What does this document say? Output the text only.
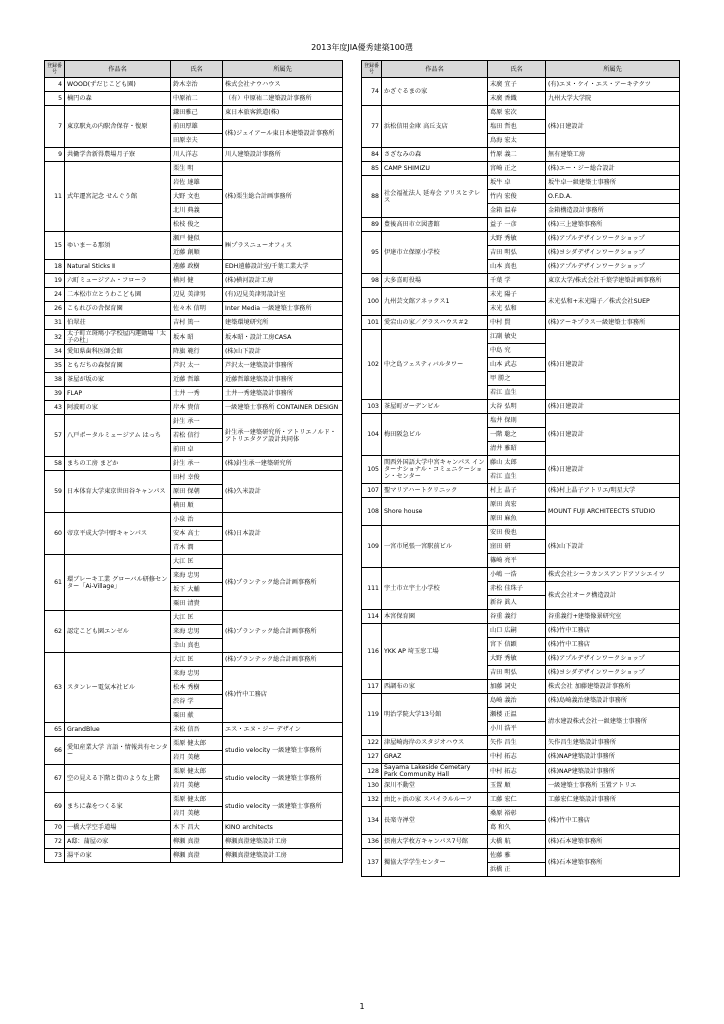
2013年度JIA優秀建築100選
登録番号	作品名	氏名	所属先
4	WOOD(ずだじこども園)	鈴木幸治	株式会社ナウハウス
5	楠円の森	中原祐二	（有）中原祐二建築設計事務所
7	東京駅丸の内駅舎保存・復原	鎌田雅己	東日本旅客鉄道(株)
		前田厚雄	(株)ジェイアール東日本建築設計事務所
		田原幸夫	
9	共働学舎新得農場月子寮	川人洋志	川人建築設計事務所
11	式年遷宮記念 せんぐう館	栗生 明	(株)栗生総合計画事務所
		岩佐 達雄	
		大野 文也	
		北川 典義	
		松枝 俊之	
15	ゆいま～る那須	瀬戸 健似	㈱プラスニューオフィス
		近藤 創順	
18	Natural Sticks Ⅱ	遠藤 政樹	EDH遠藤設計室/千葉工業大学
19	六町ミュージアム・フローラ	横河 健	(株)横河設計工房
24	二本松市立とうわこども園	辺見 美津男	(有)辺見美津男設計室
26	こもれびの舎保育園	佐々木 信明	Inter Media 一級建築士事務所
31	伯翠荘	吉村 篤一	建築環境研究所
32	太子町立斑鳩小学校屋内運動場「太子の杜」	坂本 昭	坂本昭・設計工房CASA
34	愛知県歯科医師会館	降旗 範行	(株)山下設計
35	ともだちの森保育園	芦沢 太一	芦沢太一建築設計事務所
38	茶屋が坂の家	近藤 哲雄	近藤哲雄建築設計事務所
39	FLAP	土井 一秀	土井一秀建築設計事務所
43	阿波町の家	岸本 貴信	一級建築士事務所 CONTAINER DESIGN
57	八戸ポータルミュージアム はっち	針生 承一	針生承一建築研究所・アトリエノルド・アトリエタクア設計共同体
		若松 信行	
		前田 卓	
58	まちの工房 まどか	針生 承一	(株)針生承一建築研究所
59	日本体育大学東京世田谷キャンパス	田村 幸俊	(株)久米設計
		原田 保朝	
		横田 順	
60	帝京平成大学中野キャンパス	小泉 治	(株)日本設計
		安本 高士	
		青木 潤	
61	環ブレーキ工業 グローバル研修センター「Ai-Village」	大江 匡	(株)プランテック総合計画事務所
		来海 忠男	
		坂下 大輔	
		粟田 清貴	
62	認定こども園エンゼル	大江 匡	(株)プランテック総合計画事務所
		来海 忠男	
		幸山 真也	
63	スタンレー電気本社ビル	大江 匡	(株)プランテック総合計画事務所
		来海 忠男	(株)竹中工務店
		松本 秀樹	
		渋谷 学	
		粟田 献	
65	GrandBlue	末松 信吾	エス・エヌ・ジー デザイン
66	愛知産業大学 言語・情報共有センター	栗原 健太郎	studio velocity 一級建築士事務所
		岩月 美穂	
67	空の見える下階と街のような上階	栗原 健太郎	studio velocity 一級建築士事務所
		岩月 美穂	
69	まちに森をつくる家	栗原 健太郎	studio velocity 一級建築士事務所
		岩月 美穂	
70	一橋大学空手道場	木下 昌大	KINO architects
72	A邸：蒲屋の家	柳瀬 真澄	柳瀬真澄建築設計工房
73	湯平の家	柳瀬 真澄	柳瀬真澄建築設計工房
登録番号	作品名	氏名	所属先
74	かざぐるまの家	末廣 宜子	(有)エヌ・ケイ・エス・アーキテクツ
		末廣 香織	九州大学大学院
77	浜松信用金庫 高丘支店	葛原 宏次	(株)日建設計
		塩田 哲也	
		鳥海 宏太	
84	さざなみの森	竹原 義二	無有建築工房
85	CAMP SHIMIZU	宮崎 正之	(株)エー・ジー総合設計
88	社会福祉法人 延寿会 アリスとテレス	坂牛 卓	坂牛卓一級建築士事務所
		竹内 宏俊	O.F.D.A.
		金箱 温春	金箱構造設計事務所
89	豊後高田市立図書館	益子 一彦	(株)三上建築事務所
95	伊達市立保原小学校	大野 秀敏	(株)アプルデザインワークショップ
		吉田 明弘	(株)ヨシダデザインワークショップ
		山本 真也	(株)アプルデザインワークショップ
98	大多喜町役場	千葉 学	東京大学/株式会社千葉学建築計画事務所
100	九州芸文館アネックス1	末光 陽子	末光弘和+末光陽子／株式会社SUEP
		末光 弘和	
101	愛宕山の家／グラスハウス＃2	中村 賢	(株)アーキプラス一級建築士事務所
102	中之島フェスティバルタワー	江副 敏史	(株)日建設計
		中島 究	
		山本 武志	
		甲 勝之	
		若江 直生	
103	茶屋町ガーデンビル	大谷 弘明	(株)日建設計
104	梅田阪急ビル	塩井 保則	(株)日建設計
		一階 聡之	
		清井 雅昭	
105	関西外国語大学中宮キャンパス インターナショナル・コミュニケーション・センター	藤山 太郎	(株)日建設計
		若江 直生	
107	聖マリアハートクリニック	村上 晶子	(株)村上晶子アトリエ/明星大学
108	Shore house	原田 真宏	MOUNT FUJI ARCHITEECTS STUDIO
		原田 麻魚	
109	一宮市尾張一宮駅前ビル	安田 俊也	(株)山下設計
		窪田 研	
		篠崎 亮平	
111	宇土市立宇土小学校	小嶋 一浩	株式会社シーラカンスアンドアソシエイツ
		赤松 佳珠子	株式会社オーク構造設計
		新谷 眞人	
114	本宮保育園	谷重 義行	谷重義行+建築像景研究室
116	YKK AP 埼玉窓工場	山口 広嗣	(株)竹中工務店
		宮下 信顕	(株)竹中工務店
		大野 秀敏	(株)アプルデザインワークショップ
		吉田 明弘	(株)ヨシダデザインワークショップ
117	西調布の家	加藤 詞史	株式会社 加藤建築設計事務所
119	明治学院大学13号館	島崎 義治	(株)島崎義治建築設計事務所
		瀬楼 正温	清水建設株式会社一級建築士事務所
		小川 浩平	
122	津屋崎海岸のスタジオハウス	矢作 昌生	矢作昌生建築設計事務所
127	GRAZ	中村 拓志	(株)NAP建築設計事務所
128	Sayama Lakeside Cemetary Park Community Hall	中村 拓志	(株)NAP建築設計事務所
130	深川不動堂	玉置 順	一級建築士事務所 玉置アトリエ
132	由比ヶ浜の家 スパイラルルーフ	工藤 宏仁	工藤宏仁建築設計事務所
134	長楽寺禅堂	桑原 裕彰	(株)竹中工務店
		葛 和久	
136	摂南大学枚方キャンパス7号館	大橋 航	(株)石本建築事務所
137	獨協大学学生センター	佐藤 雅	(株)石本建築事務所
		浜橋 正	
1
